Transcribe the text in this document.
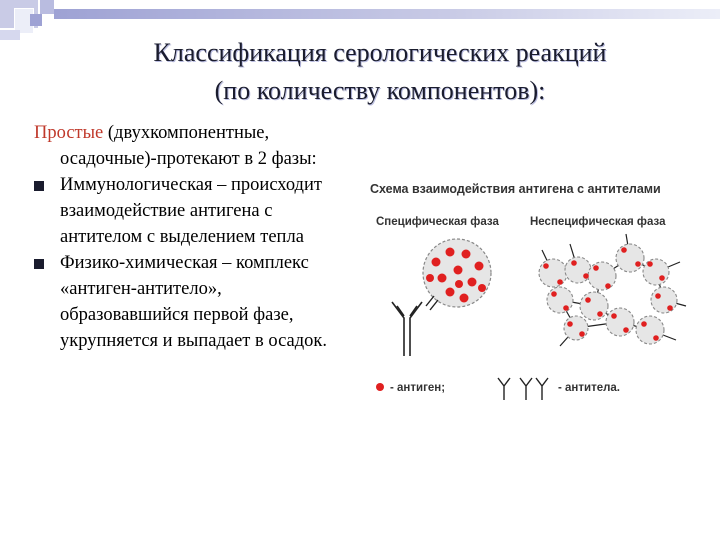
Классификация серологических реакций
(по количеству компонентов):
Простые (двухкомпонентные, осадочные)-протекают в 2 фазы:
Иммунологическая – происходит взаимодействие антигена с антителом с выделением тепла
Физико-химическая – комплекс «антиген-антитело», образовавшийся первой фазе, укрупняется и выпадает в осадок.
Схема взаимодействия антигена с антителами
Специфическая фаза	Неспецифическая фаза
- антиген;	- антитела.
